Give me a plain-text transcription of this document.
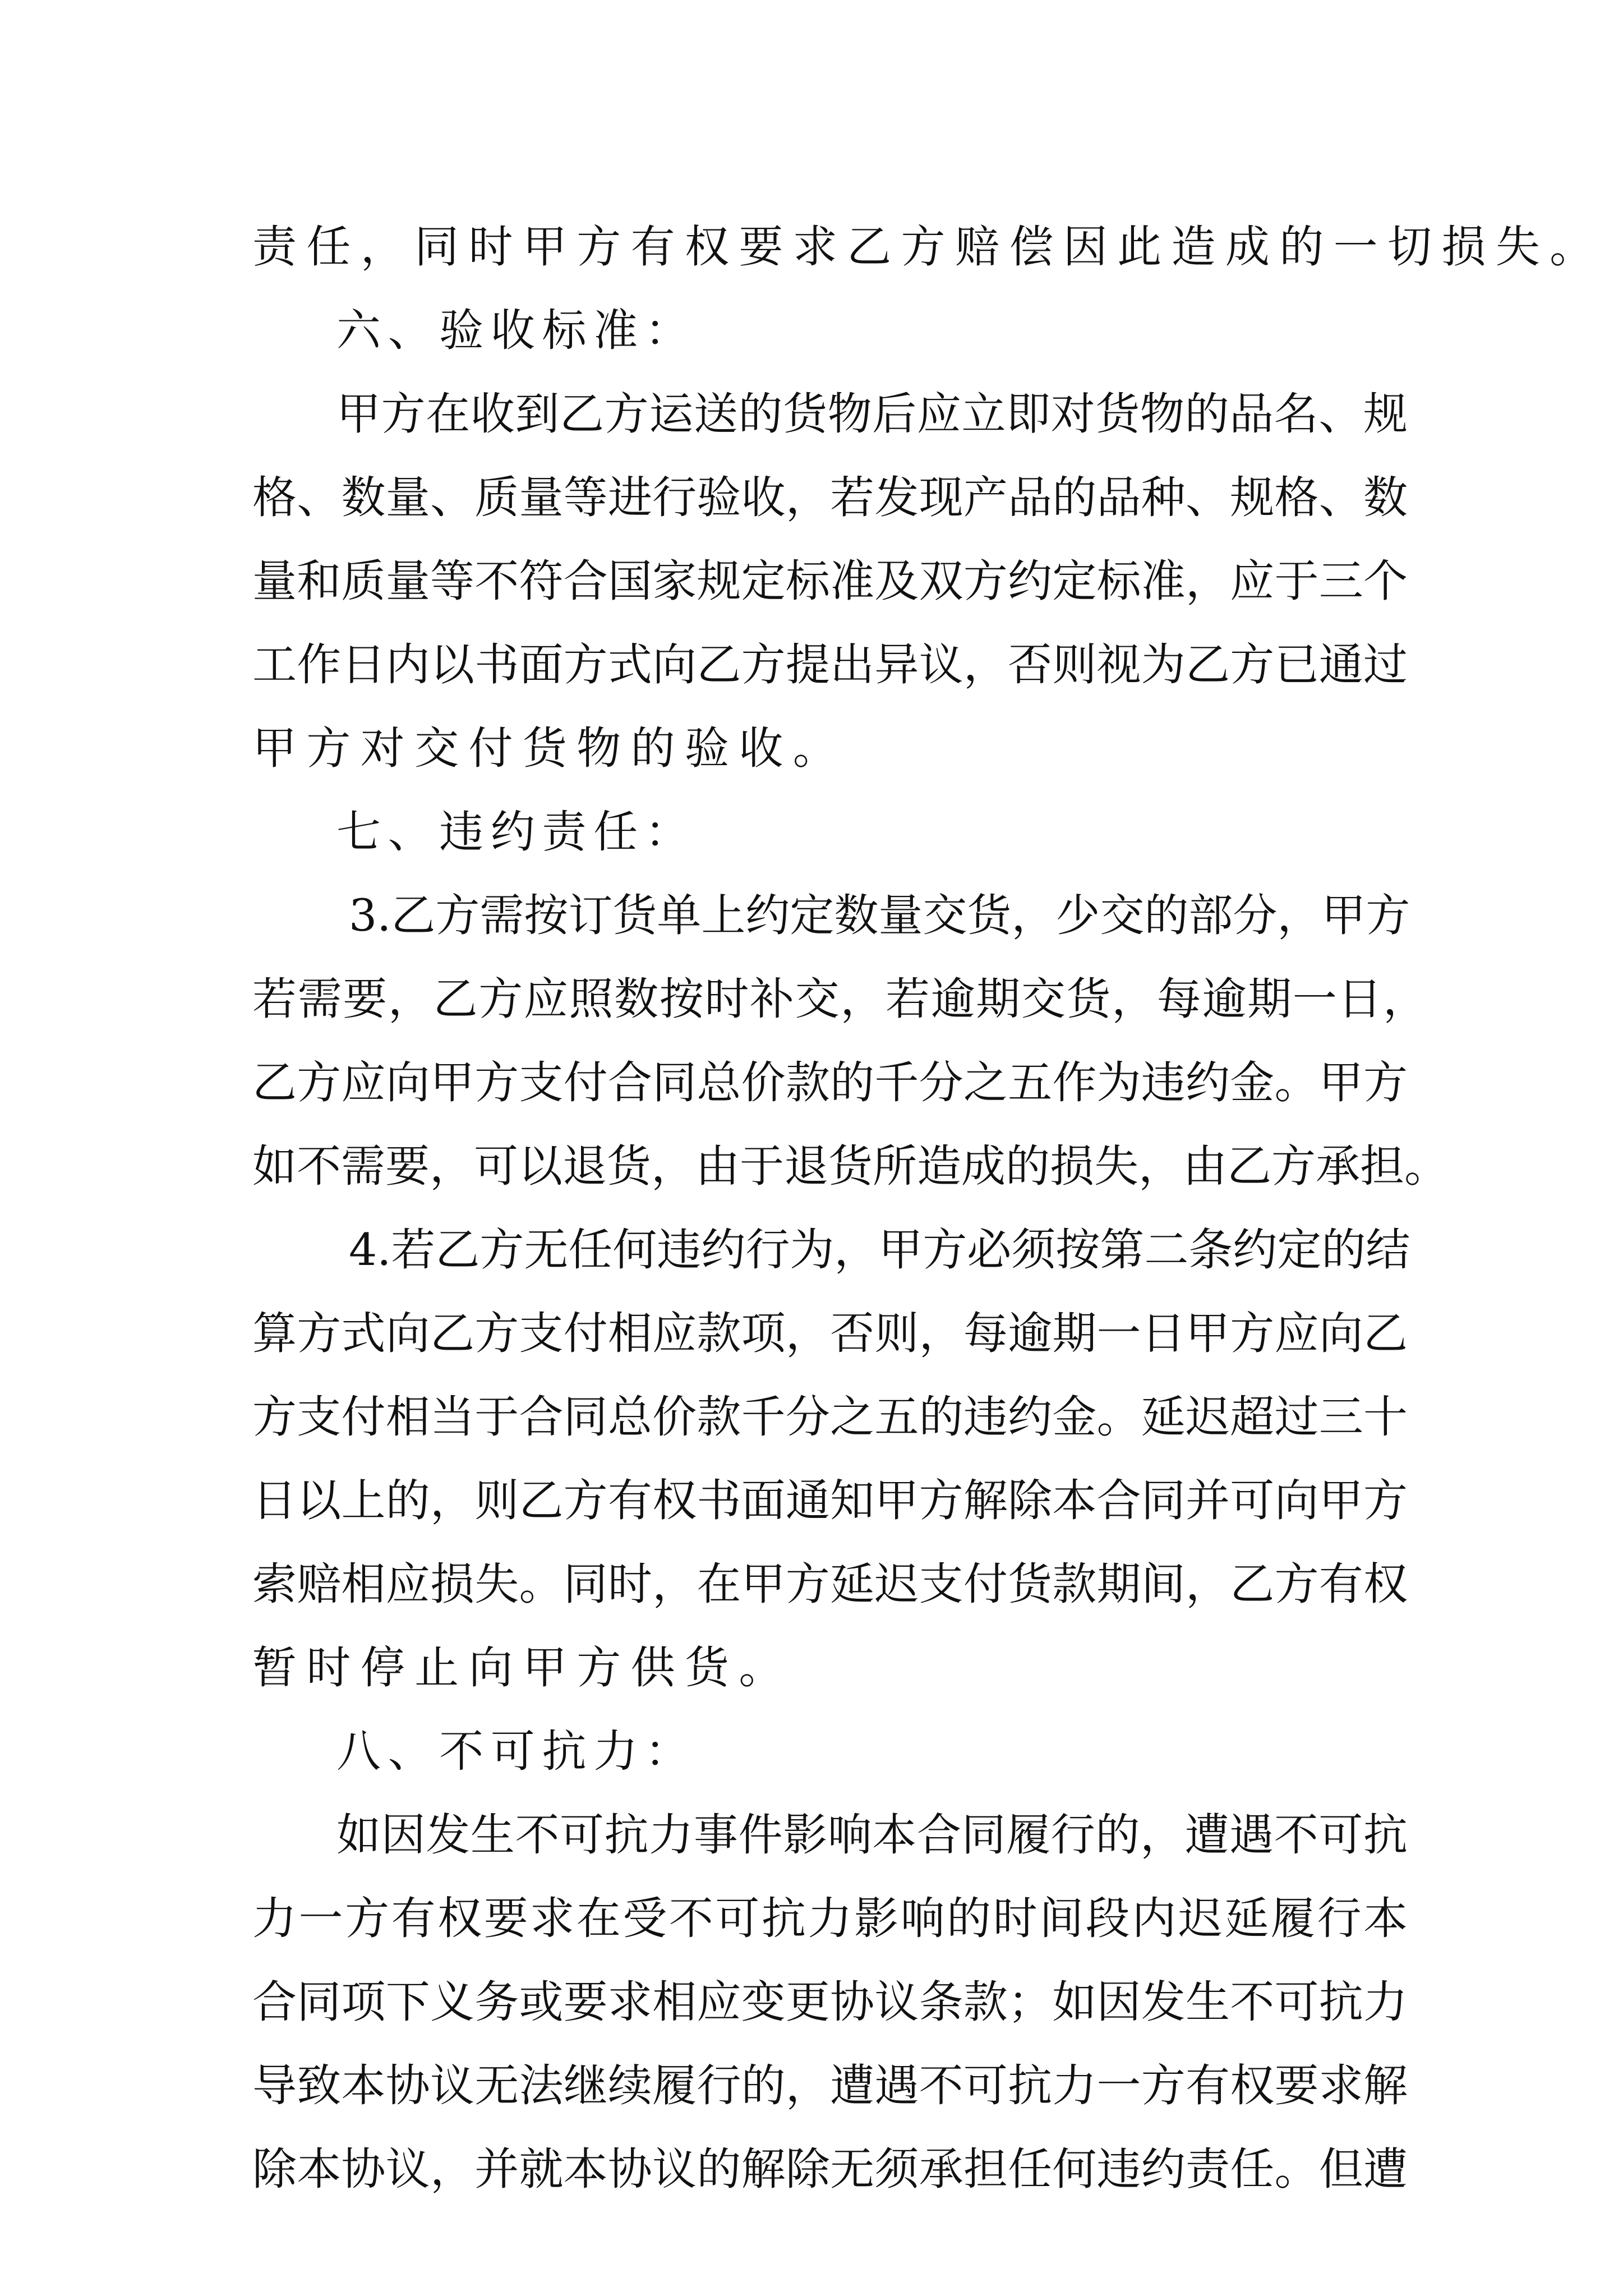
责任，同时甲方有权要求乙方赔偿因此造成的一切损失。
六、验收标准：
甲方在收到乙方运送的货物后应立即对货物的品名、规
格、数量、质量等进行验收，若发现产品的品种、规格、数
量和质量等不符合国家规定标准及双方约定标准，应于三个
工作日内以书面方式向乙方提出异议，否则视为乙方已通过
甲方对交付货物的验收。
七、违约责任：
3.乙方需按订货单上约定数量交货，少交的部分，甲方
若需要，乙方应照数按时补交，若逾期交货，每逾期一日，
乙方应向甲方支付合同总价款的千分之五作为违约金。甲方
如不需要，可以退货，由于退货所造成的损失，由乙方承担。
4.若乙方无任何违约行为，甲方必须按第二条约定的结
算方式向乙方支付相应款项，否则，每逾期一日甲方应向乙
方支付相当于合同总价款千分之五的违约金。延迟超过三十
日以上的，则乙方有权书面通知甲方解除本合同并可向甲方
索赔相应损失。同时，在甲方延迟支付货款期间，乙方有权
暂时停止向甲方供货。
八、不可抗力：
如因发生不可抗力事件影响本合同履行的，遭遇不可抗
力一方有权要求在受不可抗力影响的时间段内迟延履行本
合同项下义务或要求相应变更协议条款；如因发生不可抗力
导致本协议无法继续履行的，遭遇不可抗力一方有权要求解
除本协议，并就本协议的解除无须承担任何违约责任。但遭
